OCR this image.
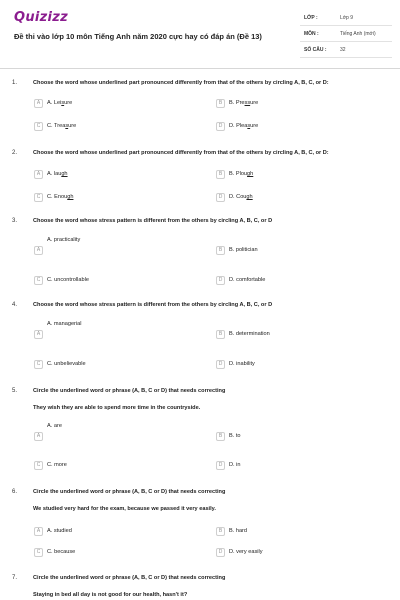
Quizizz
Đề thi vào lớp 10 môn Tiếng Anh năm 2020 cực hay có đáp án (Đề 13)
LỚP :	Lớp 9
MÔN :	Tiếng Anh (mới)
SỐ CÂU :	32
1.	Choose the word whose underlined part pronounced differently from that of the others by circling A, B, C, or D:
A	A. Leisure	B	B. Pressure
C	C. Treasure	D	D. Pleasure
2.	Choose the word whose underlined part pronounced differently from that of the others by circling A, B, C, or D:
A	A. laugh	B	B. Plough
C	C. Enough	D	D. Cough
3.	Choose the word whose stress pattern is different from the others by circling A, B, C, or D
A
A. practicality
B	B. politician
C	C. uncontrollable	D	D. comfortable
4.	Choose the word whose stress pattern is different from the others by circling A, B, C, or D
A
A. managerial
B	B. determination
C	C. unbelievable	D	D. inability
5.	Circle the underlined word or phrase (A, B, C or D) that needs correcting
They wish they are able to spend more time in the countryside.
A
A. are
B	B. to
C	C. more	D	D. in
6.	Circle the underlined word or phrase (A, B, C or D) that needs correcting
We studied very hard for the exam, because we passed it very easily.
A	A. studied	B	B. hard
C	C. because	D	D. very easily
7.	Circle the underlined word or phrase (A, B, C or D) that needs correcting
Staying in bed all day is not good for our health, hasn't it?
